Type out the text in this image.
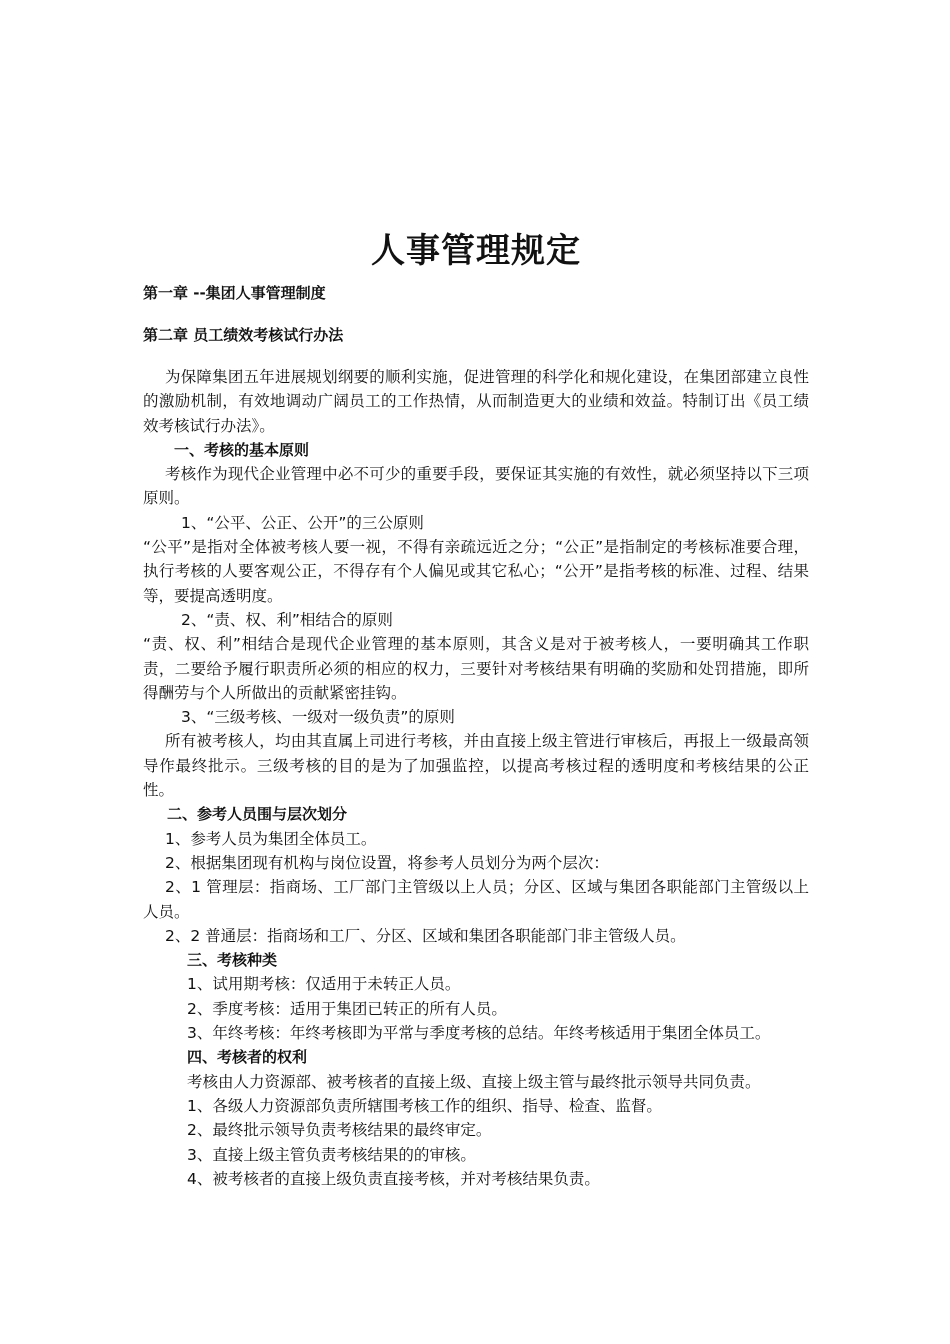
人事管理规定

第一章 --集团人事管理制度

第二章 员工绩效考核试行办法

为保障集团五年进展规划纲要的顺利实施，促进管理的科学化和规化建设，在集团部建立良性的激励机制，有效地调动广阔员工的工作热情，从而制造更大的业绩和效益。特制订出《员工绩效考核试行办法》。

一、考核的基本原则

考核作为现代企业管理中必不可少的重要手段，要保证其实施的有效性，就必须坚持以下三项原则。

1、“公平、公正、公开”的三公原则

“公平”是指对全体被考核人要一视，不得有亲疏远近之分；“公正”是指制定的考核标准要合理，执行考核的人要客观公正，不得存有个人偏见或其它私心；“公开”是指考核的标准、过程、结果等，要提高透明度。

2、“责、权、利”相结合的原则

“责、权、利”相结合是现代企业管理的基本原则，其含义是对于被考核人，一要明确其工作职责，二要给予履行职责所必须的相应的权力，三要针对考核结果有明确的奖励和处罚措施，即所得酬劳与个人所做出的贡献紧密挂钩。

3、“三级考核、一级对一级负责”的原则

所有被考核人，均由其直属上司进行考核，并由直接上级主管进行审核后，再报上一级最高领导作最终批示。三级考核的目的是为了加强监控，以提高考核过程的透明度和考核结果的公正性。

二、参考人员围与层次划分

1、参考人员为集团全体员工。

2、根据集团现有机构与岗位设置，将参考人员划分为两个层次：

2、1 管理层：指商场、工厂部门主管级以上人员；分区、区域与集团各职能部门主管级以上人员。

2、2 普通层：指商场和工厂、分区、区域和集团各职能部门非主管级人员。

三、考核种类

1、试用期考核：仅适用于未转正人员。

2、季度考核：适用于集团已转正的所有人员。

3、年终考核：年终考核即为平常与季度考核的总结。年终考核适用于集团全体员工。

四、考核者的权利

考核由人力资源部、被考核者的直接上级、直接上级主管与最终批示领导共同负责。

1、各级人力资源部负责所辖围考核工作的组织、指导、检查、监督。

2、最终批示领导负责考核结果的最终审定。

3、直接上级主管负责考核结果的的审核。

4、被考核者的直接上级负责直接考核，并对考核结果负责。
